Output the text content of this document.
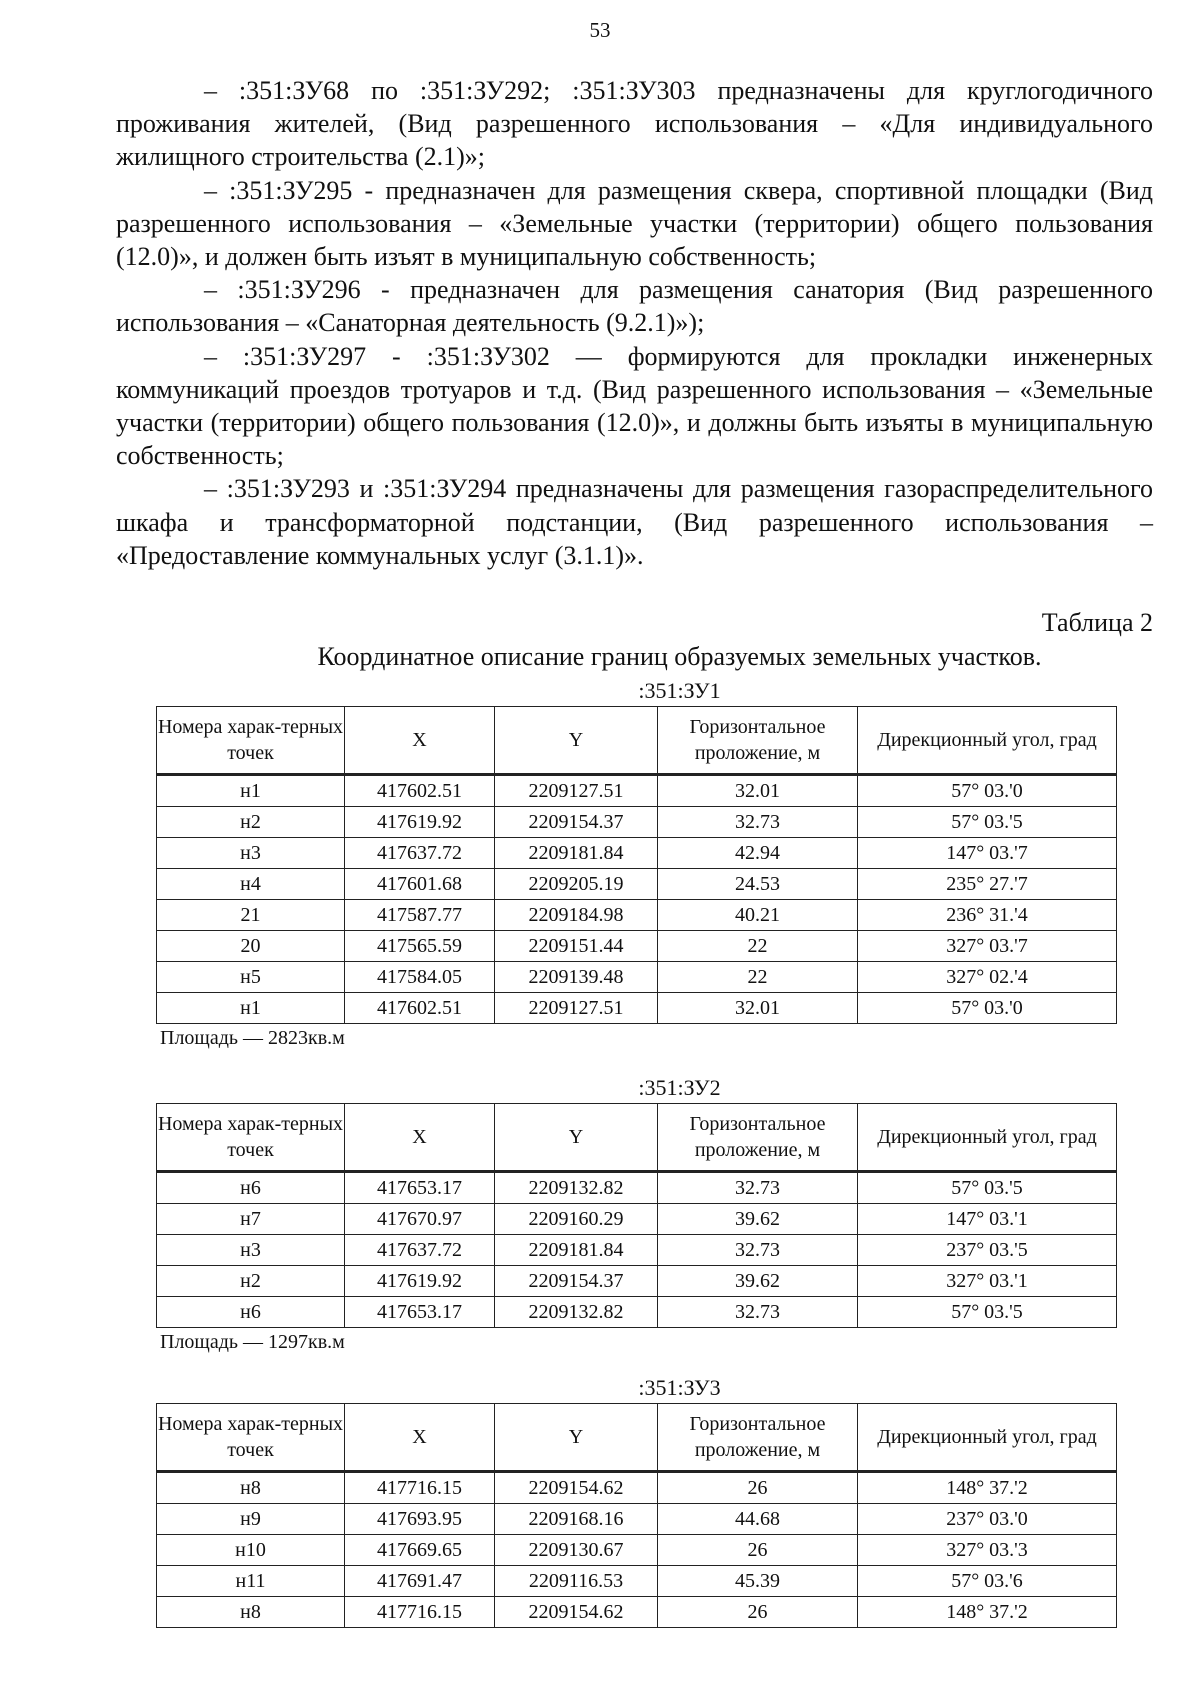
53

– :351:ЗУ68 по :351:ЗУ292; :351:ЗУ303 предназначены для круглогодичного проживания жителей, (Вид разрешенного использования – «Для индивидуального жилищного строительства (2.1)»;

– :351:ЗУ295 - предназначен для размещения сквера, спортивной площадки (Вид разрешенного использования – «Земельные участки (территории) общего пользования (12.0)», и должен быть изъят в муниципальную собственность;

– :351:ЗУ296 - предназначен для размещения санатория (Вид разрешенного использования – «Санаторная деятельность (9.2.1)»);

– :351:ЗУ297 - :351:ЗУ302 — формируются для прокладки инженерных коммуникаций проездов тротуаров и т.д. (Вид разрешенного использования – «Земельные участки (территории) общего пользования (12.0)», и должны быть изъяты в муниципальную собственность;

– :351:ЗУ293 и :351:ЗУ294 предназначены для размещения газораспределительного шкафа и трансформаторной подстанции, (Вид разрешенного использования – «Предоставление коммунальных услуг (3.1.1)».

Таблица 2
Координатное описание границ образуемых земельных участков.
:351:ЗУ1
Номера харак-терных точек	X	Y	Горизонтальное проложение, м	Дирекционный угол, град
н1	417602.51	2209127.51	32.01	57° 03.'0
н2	417619.92	2209154.37	32.73	57° 03.'5
н3	417637.72	2209181.84	42.94	147° 03.'7
н4	417601.68	2209205.19	24.53	235° 27.'7
21	417587.77	2209184.98	40.21	236° 31.'4
20	417565.59	2209151.44	22	327° 03.'7
н5	417584.05	2209139.48	22	327° 02.'4
н1	417602.51	2209127.51	32.01	57° 03.'0
Площадь — 2823кв.м
:351:ЗУ2
Номера харак-терных точек	X	Y	Горизонтальное проложение, м	Дирекционный угол, град
н6	417653.17	2209132.82	32.73	57° 03.'5
н7	417670.97	2209160.29	39.62	147° 03.'1
н3	417637.72	2209181.84	32.73	237° 03.'5
н2	417619.92	2209154.37	39.62	327° 03.'1
н6	417653.17	2209132.82	32.73	57° 03.'5
Площадь — 1297кв.м
:351:ЗУ3
Номера харак-терных точек	X	Y	Горизонтальное проложение, м	Дирекционный угол, град
н8	417716.15	2209154.62	26	148° 37.'2
н9	417693.95	2209168.16	44.68	237° 03.'0
н10	417669.65	2209130.67	26	327° 03.'3
н11	417691.47	2209116.53	45.39	57° 03.'6
н8	417716.15	2209154.62	26	148° 37.'2
